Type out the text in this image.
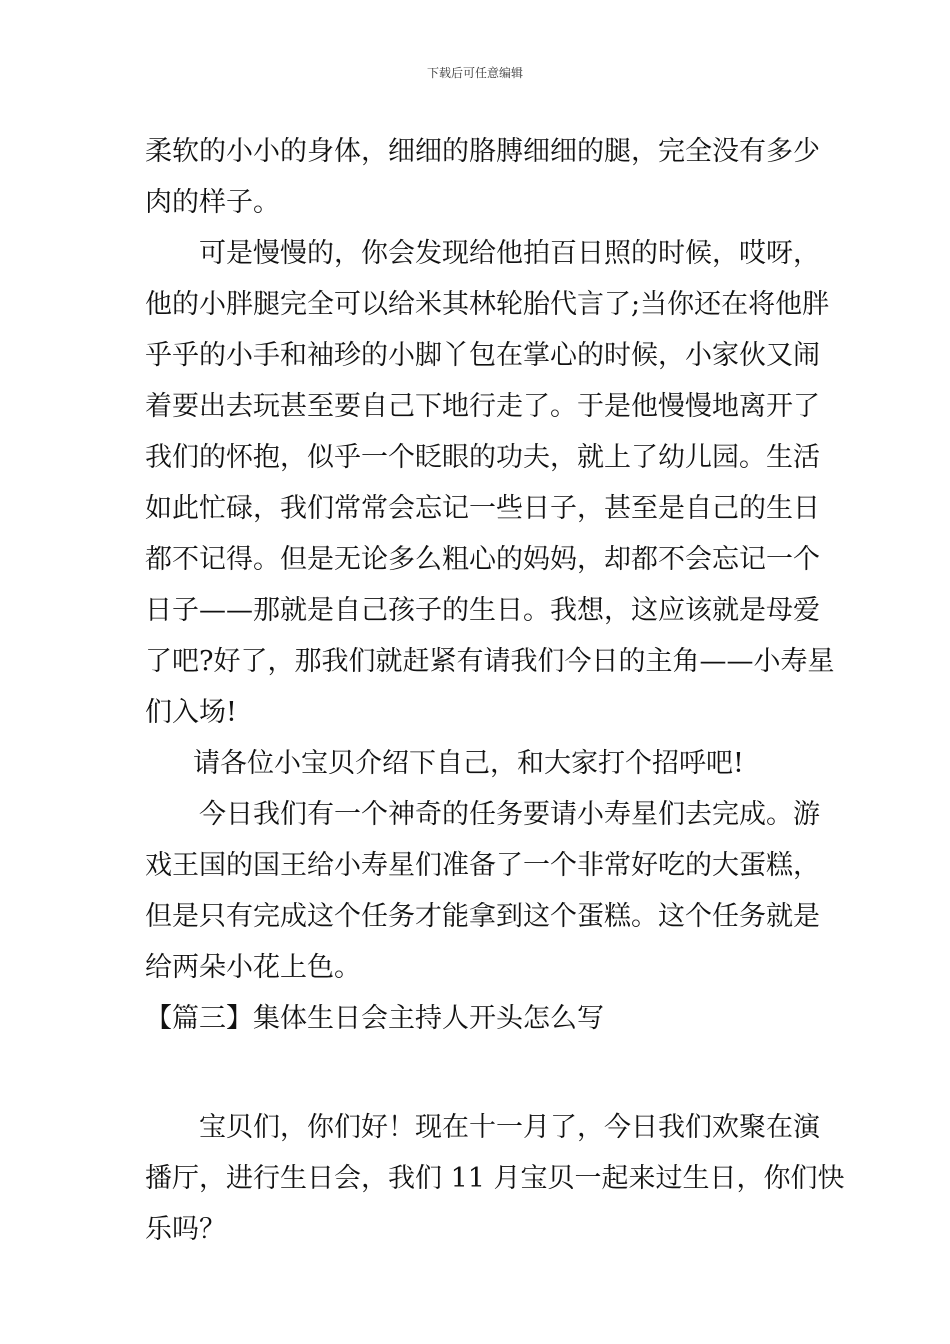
下载后可任意编辑
柔软的小小的身体，细细的胳膊细细的腿，完全没有多少
肉的样子。
可是慢慢的，你会发现给他拍百日照的时候，哎呀，
他的小胖腿完全可以给米其林轮胎代言了;当你还在将他胖
乎乎的小手和袖珍的小脚丫包在掌心的时候，小家伙又闹
着要出去玩甚至要自己下地行走了。于是他慢慢地离开了
我们的怀抱，似乎一个眨眼的功夫，就上了幼儿园。生活
如此忙碌，我们常常会忘记一些日子，甚至是自己的生日
都不记得。但是无论多么粗心的妈妈，却都不会忘记一个
日子——那就是自己孩子的生日。我想，这应该就是母爱
了吧?好了，那我们就赶紧有请我们今日的主角——小寿星
们入场!
请各位小宝贝介绍下自己，和大家打个招呼吧!
今日我们有一个神奇的任务要请小寿星们去完成。游
戏王国的国王给小寿星们准备了一个非常好吃的大蛋糕，
但是只有完成这个任务才能拿到这个蛋糕。这个任务就是
给两朵小花上色。
【篇三】集体生日会主持人开头怎么写
宝贝们，你们好！现在十一月了，今日我们欢聚在演
播厅，进行生日会，我们 11 月宝贝一起来过生日，你们快
乐吗？
